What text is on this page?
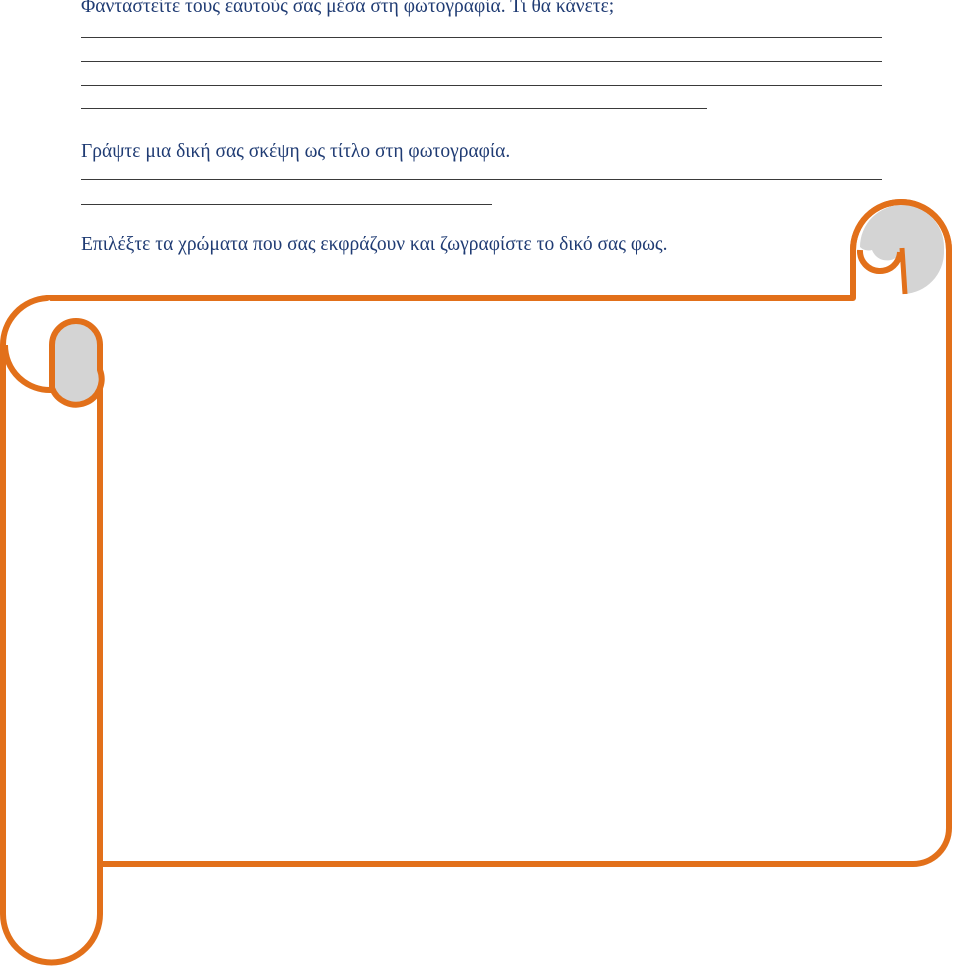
Φανταστείτε τους εαυτούς σας μέσα στη φωτογραφία. Τι θα κάνετε;

Γράψτε μια δική σας σκέψη ως τίτλο στη φωτογραφία.

Επιλέξτε τα χρώματα που σας εκφράζουν και ζωγραφίστε το δικό σας φως.
